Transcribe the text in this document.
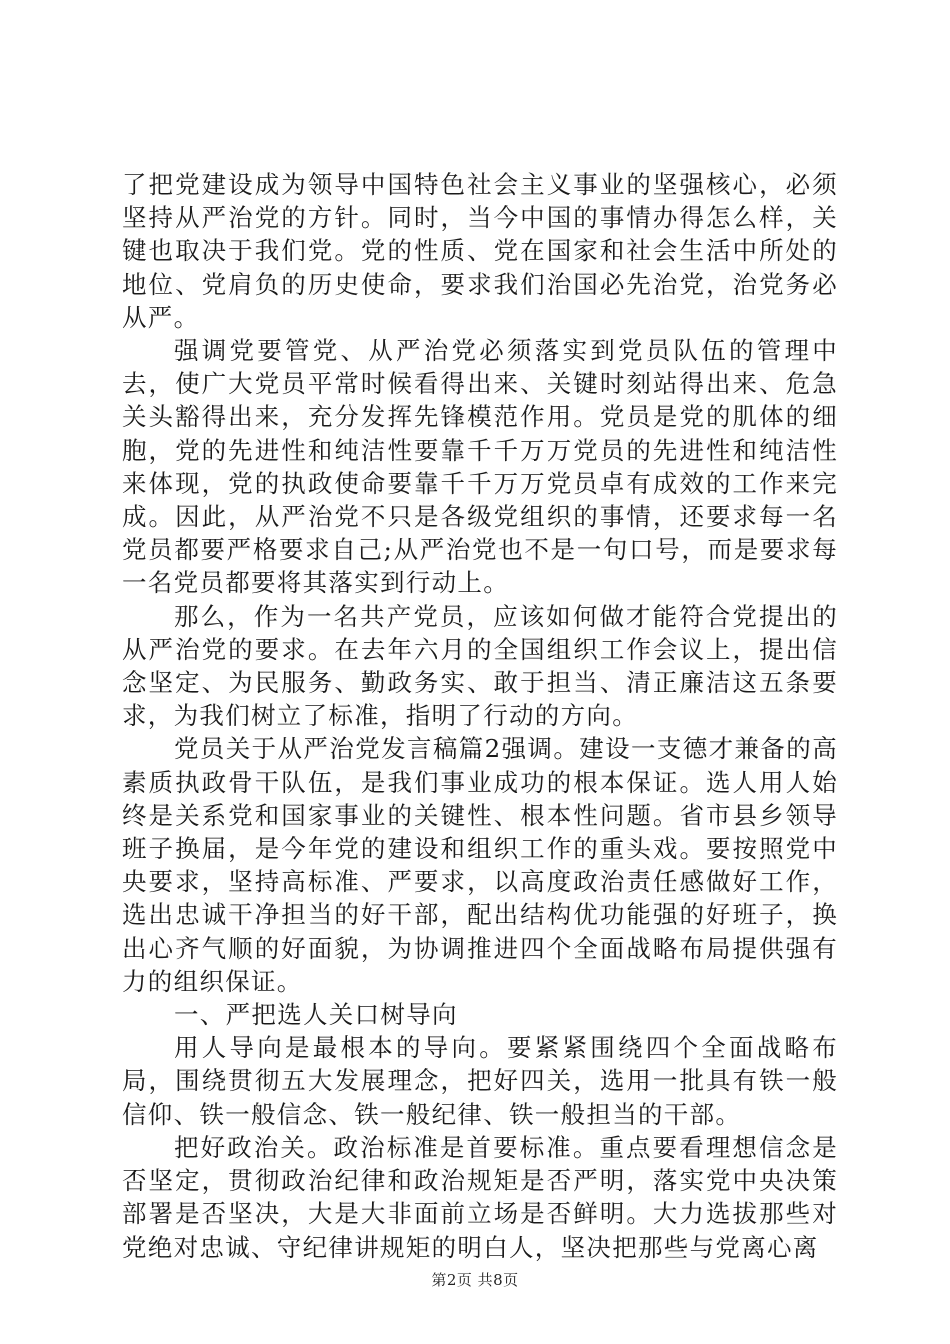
了把党建设成为领导中国特色社会主义事业的坚强核心，必须坚持从严治党的方针。同时，当今中国的事情办得怎么样，关键也取决于我们党。党的性质、党在国家和社会生活中所处的地位、党肩负的历史使命，要求我们治国必先治党，治党务必从严。

强调党要管党、从严治党必须落实到党员队伍的管理中去，使广大党员平常时候看得出来、关键时刻站得出来、危急关头豁得出来，充分发挥先锋模范作用。党员是党的肌体的细胞，党的先进性和纯洁性要靠千千万万党员的先进性和纯洁性来体现，党的执政使命要靠千千万万党员卓有成效的工作来完成。因此，从严治党不只是各级党组织的事情，还要求每一名党员都要严格要求自己;从严治党也不是一句口号，而是要求每一名党员都要将其落实到行动上。

那么，作为一名共产党员，应该如何做才能符合党提出的从严治党的要求。在去年六月的全国组织工作会议上，提出信念坚定、为民服务、勤政务实、敢于担当、清正廉洁这五条要求，为我们树立了标准，指明了行动的方向。

党员关于从严治党发言稿篇2强调。建设一支德才兼备的高素质执政骨干队伍，是我们事业成功的根本保证。选人用人始终是关系党和国家事业的关键性、根本性问题。省市县乡领导班子换届，是今年党的建设和组织工作的重头戏。要按照党中央要求，坚持高标准、严要求，以高度政治责任感做好工作，选出忠诚干净担当的好干部，配出结构优功能强的好班子，换出心齐气顺的好面貌，为协调推进四个全面战略布局提供强有力的组织保证。

一、严把选人关口树导向

用人导向是最根本的导向。要紧紧围绕四个全面战略布局，围绕贯彻五大发展理念，把好四关，选用一批具有铁一般信仰、铁一般信念、铁一般纪律、铁一般担当的干部。

把好政治关。政治标准是首要标准。重点要看理想信念是否坚定，贯彻政治纪律和政治规矩是否严明，落实党中央决策部署是否坚决，大是大非面前立场是否鲜明。大力选拔那些对党绝对忠诚、守纪律讲规矩的明白人，坚决把那些与党离心离

第2页 共8页
